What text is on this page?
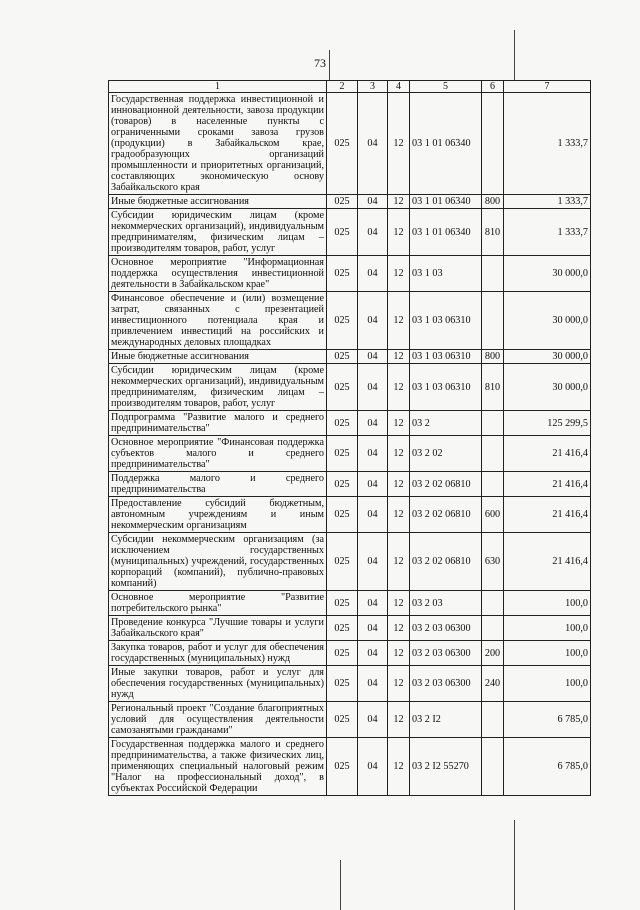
73
1	2	3	4	5	6	7
Государственная поддержка инвестиционной и инновационной деятельности, завоза продукции (товаров) в населенные пункты с ограниченными сроками завоза грузов (продукции) в Забайкальском крае, градообразующих организаций промышленности и приоритетных организаций, составляющих экономическую основу Забайкальского края	025	04	12	03 1 01 06340		1 333,7
Иные бюджетные ассигнования	025	04	12	03 1 01 06340	800	1 333,7
Субсидии юридическим лицам (кроме некоммерческих организаций), индивидуальным предпринимателям, физическим лицам – производителям товаров, работ, услуг	025	04	12	03 1 01 06340	810	1 333,7
Основное мероприятие "Информационная поддержка осуществления инвестиционной деятельности в Забайкальском крае"	025	04	12	03 1 03		30 000,0
Финансовое обеспечение и (или) возмещение затрат, связанных с презентацией инвестиционного потенциала края и привлечением инвестиций на российских и международных деловых площадках	025	04	12	03 1 03 06310		30 000,0
Иные бюджетные ассигнования	025	04	12	03 1 03 06310	800	30 000,0
Субсидии юридическим лицам (кроме некоммерческих организаций), индивидуальным предпринимателям, физическим лицам – производителям товаров, работ, услуг	025	04	12	03 1 03 06310	810	30 000,0
Подпрограмма "Развитие малого и среднего предпринимательства"	025	04	12	03 2		125 299,5
Основное мероприятие "Финансовая поддержка субъектов малого и среднего предпринимательства"	025	04	12	03 2 02		21 416,4
Поддержка малого и среднего предпринимательства	025	04	12	03 2 02 06810		21 416,4
Предоставление субсидий бюджетным, автономным учреждениям и иным некоммерческим организациям	025	04	12	03 2 02 06810	600	21 416,4
Субсидии некоммерческим организациям (за исключением государственных (муниципальных) учреждений, государственных корпораций (компаний), публично-правовых компаний)	025	04	12	03 2 02 06810	630	21 416,4
Основное мероприятие "Развитие потребительского рынка"	025	04	12	03 2 03		100,0
Проведение конкурса "Лучшие товары и услуги Забайкальского края"	025	04	12	03 2 03 06300		100,0
Закупка товаров, работ и услуг для обеспечения государственных (муниципальных) нужд	025	04	12	03 2 03 06300	200	100,0
Иные закупки товаров, работ и услуг для обеспечения государственных (муниципальных) нужд	025	04	12	03 2 03 06300	240	100,0
Региональный проект "Создание благоприятных условий для осуществления деятельности самозанятыми гражданами"	025	04	12	03 2 I2		6 785,0
Государственная поддержка малого и среднего предпринимательства, а также физических лиц, применяющих специальный налоговый режим "Налог на профессиональный доход", в субъектах Российской Федерации	025	04	12	03 2 I2 55270		6 785,0
